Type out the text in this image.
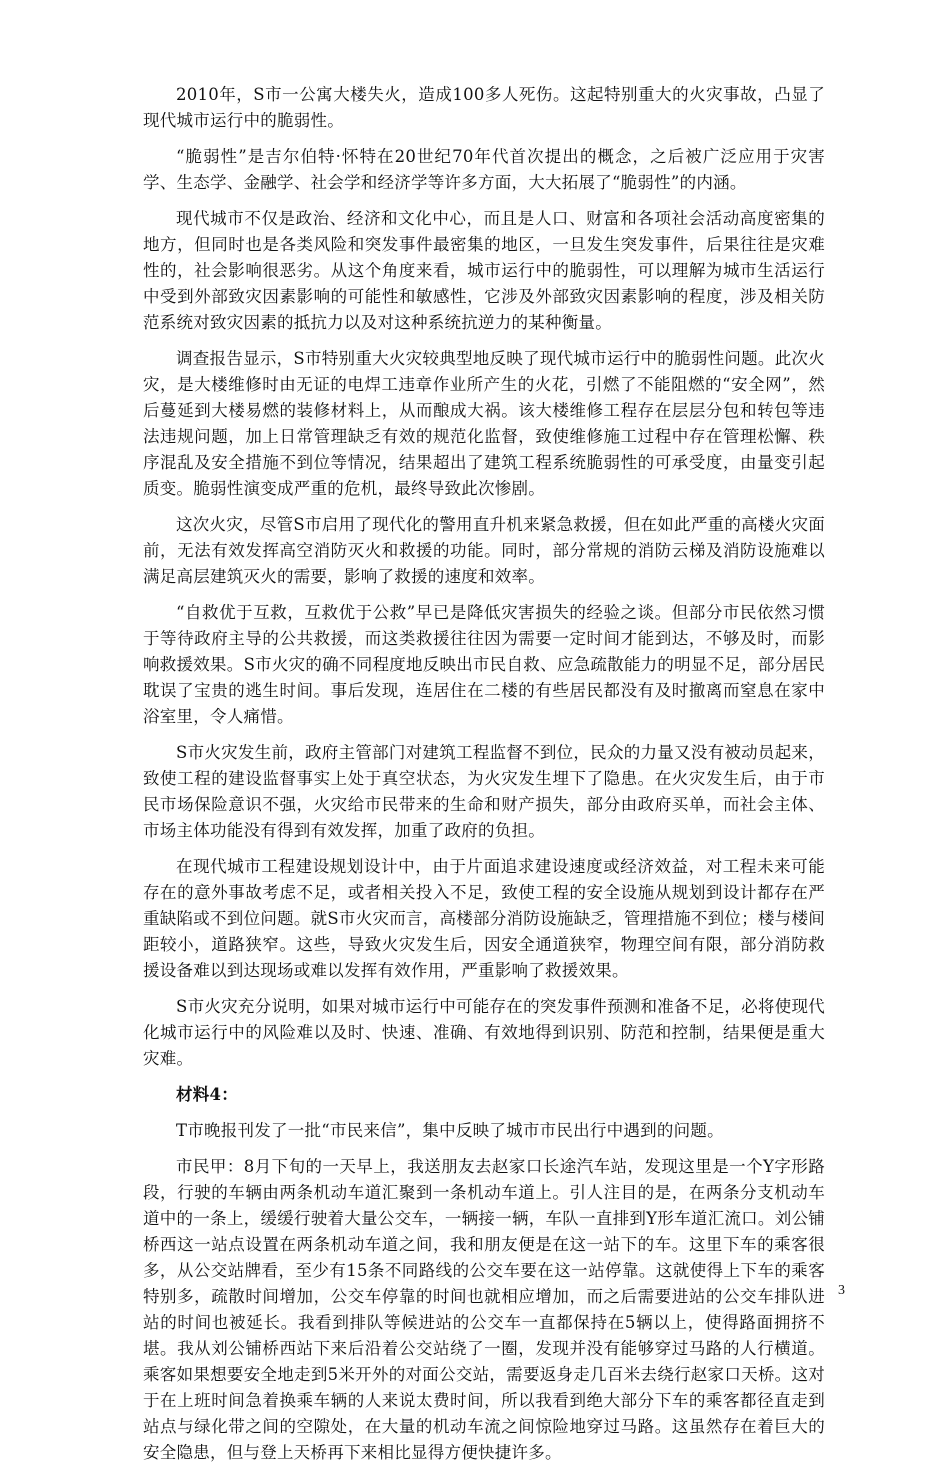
2010年，S市一公寓大楼失火，造成100多人死伤。这起特别重大的火灾事故，凸显了现代城市运行中的脆弱性。

“脆弱性”是吉尔伯特·怀特在20世纪70年代首次提出的概念，之后被广泛应用于灾害学、生态学、金融学、社会学和经济学等许多方面，大大拓展了“脆弱性”的内涵。

现代城市不仅是政治、经济和文化中心，而且是人口、财富和各项社会活动高度密集的地方，但同时也是各类风险和突发事件最密集的地区，一旦发生突发事件，后果往往是灾难性的，社会影响很恶劣。从这个角度来看，城市运行中的脆弱性，可以理解为城市生活运行中受到外部致灾因素影响的可能性和敏感性，它涉及外部致灾因素影响的程度，涉及相关防范系统对致灾因素的抵抗力以及对这种系统抗逆力的某种衡量。

调查报告显示，S市特别重大火灾较典型地反映了现代城市运行中的脆弱性问题。此次火灾，是大楼维修时由无证的电焊工违章作业所产生的火花，引燃了不能阻燃的“安全网”，然后蔓延到大楼易燃的装修材料上，从而酿成大祸。该大楼维修工程存在层层分包和转包等违法违规问题，加上日常管理缺乏有效的规范化监督，致使维修施工过程中存在管理松懈、秩序混乱及安全措施不到位等情况，结果超出了建筑工程系统脆弱性的可承受度，由量变引起质变。脆弱性演变成严重的危机，最终导致此次惨剧。

这次火灾，尽管S市启用了现代化的警用直升机来紧急救援，但在如此严重的高楼火灾面前，无法有效发挥高空消防灭火和救援的功能。同时，部分常规的消防云梯及消防设施难以满足高层建筑灭火的需要，影响了救援的速度和效率。

“自救优于互救，互救优于公救”早已是降低灾害损失的经验之谈。但部分市民依然习惯于等待政府主导的公共救援，而这类救援往往因为需要一定时间才能到达，不够及时，而影响救援效果。S市火灾的确不同程度地反映出市民自救、应急疏散能力的明显不足，部分居民耽误了宝贵的逃生时间。事后发现，连居住在二楼的有些居民都没有及时撤离而窒息在家中浴室里，令人痛惜。

S市火灾发生前，政府主管部门对建筑工程监督不到位，民众的力量又没有被动员起来，致使工程的建设监督事实上处于真空状态，为火灾发生埋下了隐患。在火灾发生后，由于市民市场保险意识不强，火灾给市民带来的生命和财产损失，部分由政府买单，而社会主体、市场主体功能没有得到有效发挥，加重了政府的负担。

在现代城市工程建设规划设计中，由于片面追求建设速度或经济效益，对工程未来可能存在的意外事故考虑不足，或者相关投入不足，致使工程的安全设施从规划到设计都存在严重缺陷或不到位问题。就S市火灾而言，高楼部分消防设施缺乏，管理措施不到位；楼与楼间距较小，道路狭窄。这些，导致火灾发生后，因安全通道狭窄，物理空间有限，部分消防救援设备难以到达现场或难以发挥有效作用，严重影响了救援效果。

S市火灾充分说明，如果对城市运行中可能存在的突发事件预测和准备不足，必将使现代化城市运行中的风险难以及时、快速、准确、有效地得到识别、防范和控制，结果便是重大灾难。

材料4：

T市晚报刊发了一批“市民来信”，集中反映了城市市民出行中遇到的问题。

市民甲：8月下旬的一天早上，我送朋友去赵家口长途汽车站，发现这里是一个Y字形路段，行驶的车辆由两条机动车道汇聚到一条机动车道上。引人注目的是，在两条分支机动车道中的一条上，缓缓行驶着大量公交车，一辆接一辆，车队一直排到Y形车道汇流口。刘公铺桥西这一站点设置在两条机动车道之间，我和朋友便是在这一站下的车。这里下车的乘客很多，从公交站牌看，至少有15条不同路线的公交车要在这一站停靠。这就使得上下车的乘客特别多，疏散时间增加，公交车停靠的时间也就相应增加，而之后需要进站的公交车排队进站的时间也被延长。我看到排队等候进站的公交车一直都保持在5辆以上，使得路面拥挤不堪。我从刘公铺桥西站下来后沿着公交站绕了一圈，发现并没有能够穿过马路的人行横道。乘客如果想要安全地走到5米开外的对面公交站，需要返身走几百米去绕行赵家口天桥。这对于在上班时间急着换乘车辆的人来说太费时间，所以我看到绝大部分下车的乘客都径直走到站点与绿化带之间的空隙处，在大量的机动车流之间惊险地穿过马路。这虽然存在着巨大的安全隐患，但与登上天桥再下来相比显得方便快捷许多。

3
